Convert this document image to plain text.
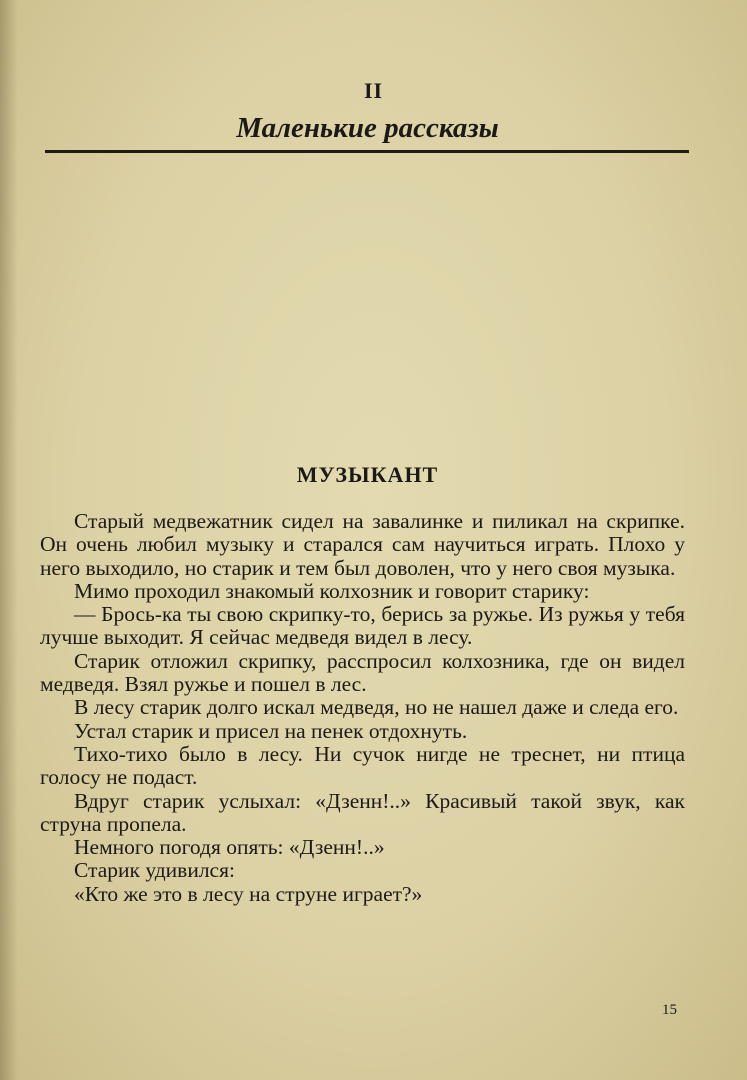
II
Маленькие рассказы
МУЗЫКАНТ

Старый медвежатник сидел на завалинке и пиликал на скрипке. Он очень любил музыку и старался сам научиться играть. Плохо у него выходило, но старик и тем был доволен, что у него своя музыка.

Мимо проходил знакомый колхозник и говорит старику:

— Брось-ка ты свою скрипку-то, берись за ружье. Из ружья у тебя лучше выходит. Я сейчас медведя видел в лесу.

Старик отложил скрипку, расспросил колхозника, где он видел медведя. Взял ружье и пошел в лес.

В лесу старик долго искал медведя, но не нашел даже и следа его.

Устал старик и присел на пенек отдохнуть.

Тихо-тихо было в лесу. Ни сучок нигде не треснет, ни птица голосу не подаст.

Вдруг старик услыхал: «Дзенн!..» Красивый такой звук, как струна пропела.

Немного погодя опять: «Дзенн!..»

Старик удивился:

«Кто же это в лесу на струне играет?»

15
